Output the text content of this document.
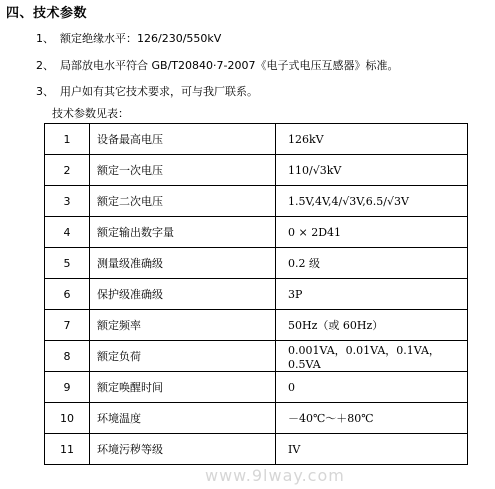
四、技术参数
1、 额定绝缘水平：126/230/550kV
2、 局部放电水平符合 GB/T20840·7-2007《电子式电压互感器》标准。
3、 用户如有其它技术要求，可与我厂联系。
技术参数见表：
1	设备最高电压	126kV
2	额定一次电压	110/√3kV
3	额定二次电压	1.5V,4V,4/√3V,6.5/√3V
4	额定输出数字量	0 × 2D41
5	测量级准确级	0.2 级
6	保护级准确级	3P
7	额定频率	50Hz（或 60Hz）
8	额定负荷	0.001VA，0.01VA，0.1VA，0.5VA
9	额定唤醒时间	0
10	环境温度	－40℃～＋80℃
11	环境污秽等级	IV
www.9lway.com
